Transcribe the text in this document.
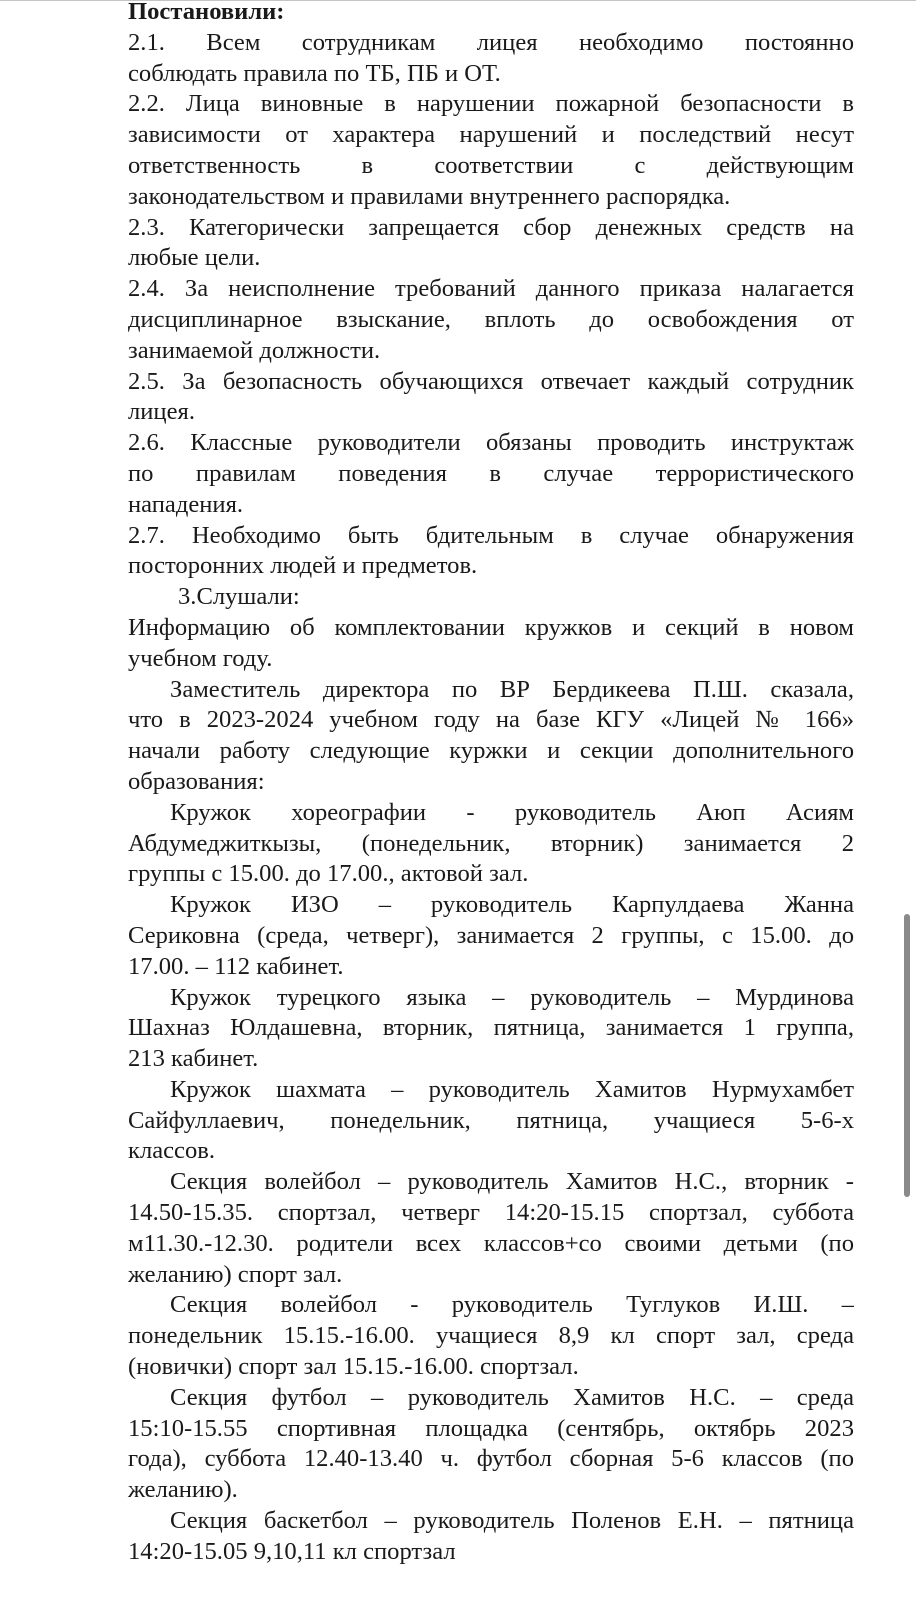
Постановили:
2.1. Всем сотрудникам лицея необходимо постоянно
соблюдать правила по ТБ, ПБ и ОТ.
2.2. Лица виновные в нарушении пожарной безопасности в
зависимости от характера нарушений и последствий несут
ответственность в соответствии с действующим
законодательством и правилами внутреннего распорядка.
2.3. Категорически запрещается сбор денежных средств на
любые цели.
2.4. За неисполнение требований данного приказа налагается
дисциплинарное взыскание, вплоть до освобождения от
занимаемой должности.
2.5. За безопасность обучающихся отвечает каждый сотрудник
лицея.
2.6. Классные руководители обязаны проводить инструктаж
по правилам поведения в случае террористического
нападения.
2.7. Необходимо быть бдительным в случае обнаружения
посторонних людей и предметов.
3.Слушали:
Информацию об комплектовании кружков и секций в новом
учебном году.
Заместитель директора по ВР Бердикеева П.Ш. сказала,
что в 2023-2024 учебном году на базе КГУ «Лицей № 166»
начали работу следующие куржки и секции дополнительного
образования:
Кружок хореографии - руководитель Аюп Асиям
Абдумеджиткызы, (понедельник, вторник) занимается 2
группы с 15.00. до 17.00., актовой зал.
Кружок ИЗО – руководитель Карпулдаева Жанна
Сериковна (среда, четверг), занимается 2 группы, с 15.00. до
17.00. – 112 кабинет.
Кружок турецкого языка – руководитель – Мурдинова
Шахназ Юлдашевна, вторник, пятница, занимается 1 группа,
213 кабинет.
Кружок шахмата – руководитель Хамитов Нурмухамбет
Сайфуллаевич, понедельник, пятница, учащиеся 5-6-х
классов.
Секция волейбол – руководитель Хамитов Н.С., вторник -
14.50-15.35. спортзал, четверг 14:20-15.15 спортзал, суббота
м11.30.-12.30. родители всех классов+со своими детьми (по
желанию) спорт зал.
Секция волейбол - руководитель Туглуков И.Ш. –
понедельник 15.15.-16.00. учащиеся 8,9 кл спорт зал, среда
(новички) спорт зал 15.15.-16.00. спортзал.
Секция футбол – руководитель Хамитов Н.С. – среда
15:10-15.55 спортивная площадка (сентябрь, октябрь 2023
года), суббота 12.40-13.40 ч. футбол сборная 5-6 классов (по
желанию).
Секция баскетбол – руководитель Поленов Е.Н. – пятница
14:20-15.05 9,10,11 кл спортзал
